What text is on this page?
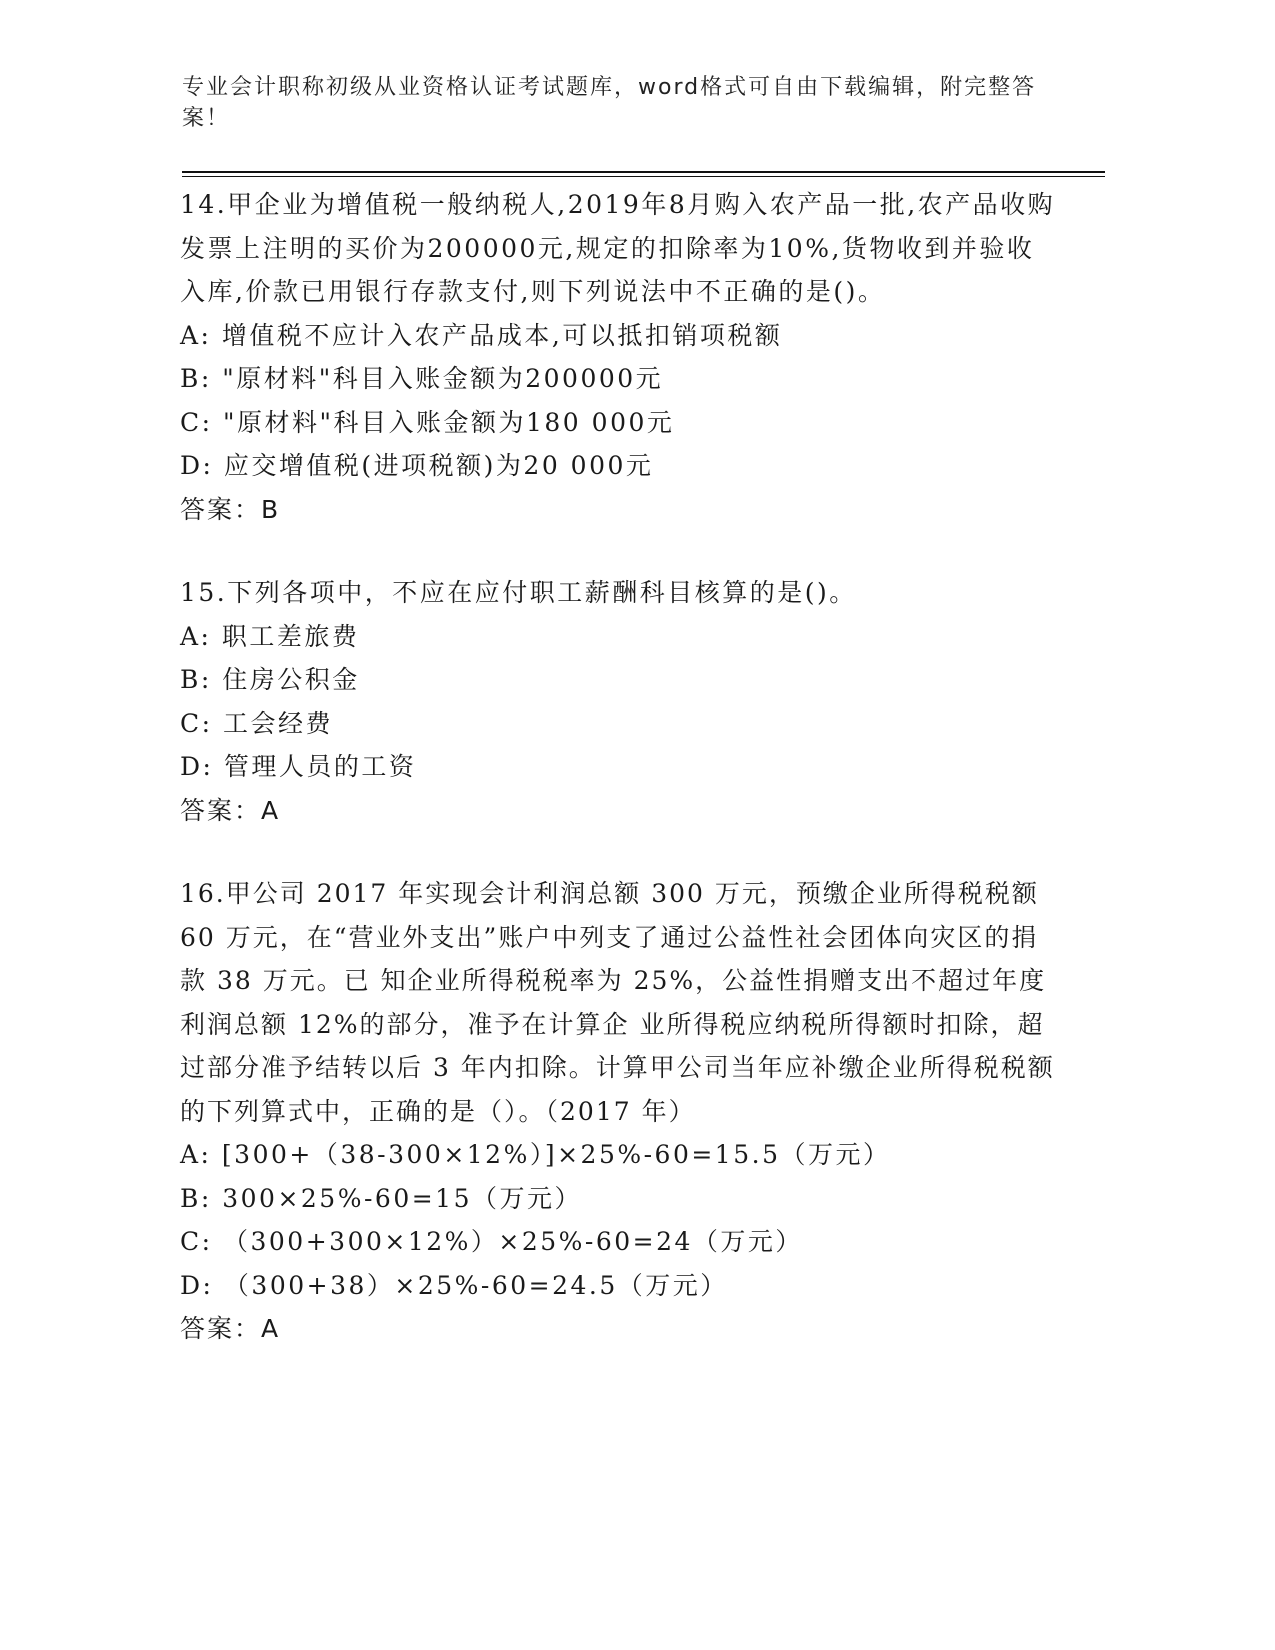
专业会计职称初级从业资格认证考试题库，word格式可自由下载编辑，附完整答案！

14.甲企业为增值税一般纳税人,2019年8月购入农产品一批,农产品收购发票上注明的买价为200000元,规定的扣除率为10%,货物收到并验收入库,价款已用银行存款支付,则下列说法中不正确的是()。

A: 增值税不应计入农产品成本,可以抵扣销项税额

B: "原材料"科目入账金额为200000元

C: "原材料"科目入账金额为180 000元

D: 应交增值税(进项税额)为20 000元

答案：B

15.下列各项中，不应在应付职工薪酬科目核算的是()。

A: 职工差旅费

B: 住房公积金

C: 工会经费

D: 管理人员的工资

答案：A

16.甲公司 2017 年实现会计利润总额 300 万元，预缴企业所得税税额 60 万元，在“营业外支出”账户中列支了通过公益性社会团体向灾区的捐款 38 万元。已 知企业所得税税率为 25%，公益性捐赠支出不超过年度利润总额 12%的部分，准予在计算企 业所得税应纳税所得额时扣除，超过部分准予结转以后 3 年内扣除。计算甲公司当年应补缴企业所得税税额的下列算式中，正确的是（）。（2017 年）

A: [300+（38-300×12%）]×25%-60=15.5（万元）

B: 300×25%-60=15（万元）

C: （300+300×12%）×25%-60=24（万元）

D: （300+38）×25%-60=24.5（万元）

答案：A
